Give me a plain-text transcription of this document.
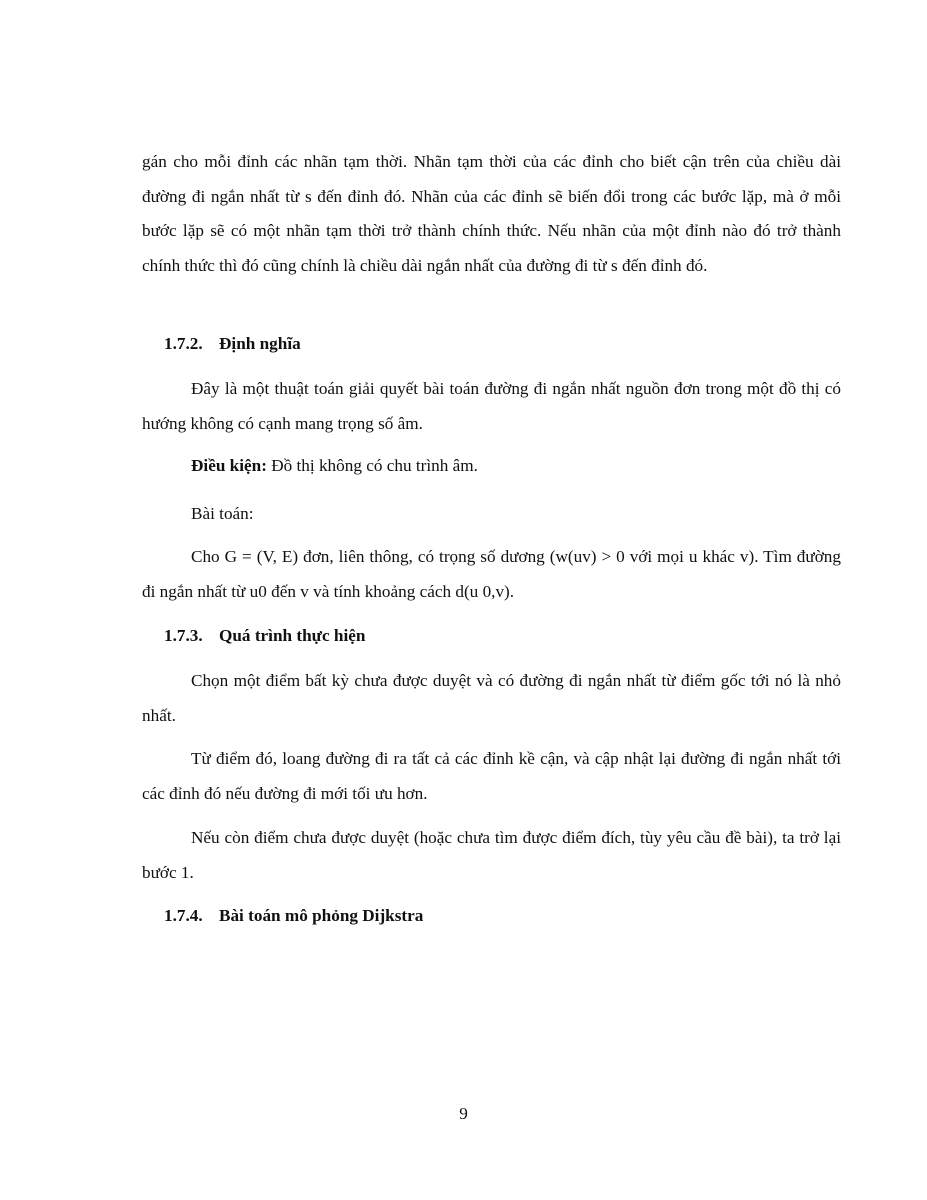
gán cho mỗi đỉnh các nhãn tạm thời. Nhãn tạm thời của các đỉnh cho biết cận trên của chiều dài đường đi ngắn nhất từ s đến đỉnh đó. Nhãn của các đỉnh sẽ biến đổi trong các bước lặp, mà ở mỗi bước lặp sẽ có một nhãn tạm thời trở thành chính thức. Nếu nhãn của một đỉnh nào đó trở thành chính thức thì đó cũng chính là chiều dài ngắn nhất của đường đi từ s đến đỉnh đó.

1.7.2. Định nghĩa

Đây là một thuật toán giải quyết bài toán đường đi ngắn nhất nguồn đơn trong một đồ thị có hướng không có cạnh mang trọng số âm.

Điều kiện: Đồ thị không có chu trình âm.

Bài toán:

Cho G = (V, E) đơn, liên thông, có trọng số dương (w(uv) > 0 với mọi u khác v). Tìm đường đi ngắn nhất từ u0 đến v và tính khoảng cách d(u 0,v).

1.7.3. Quá trình thực hiện

Chọn một điểm bất kỳ chưa được duyệt và có đường đi ngắn nhất từ điểm gốc tới nó là nhỏ nhất.

Từ điểm đó, loang đường đi ra tất cả các đỉnh kề cận, và cập nhật lại đường đi ngắn nhất tới các đỉnh đó nếu đường đi mới tối ưu hơn.

Nếu còn điểm chưa được duyệt (hoặc chưa tìm được điểm đích, tùy yêu cầu đề bài), ta trở lại bước 1.

1.7.4. Bài toán mô phỏng Dijkstra
9
